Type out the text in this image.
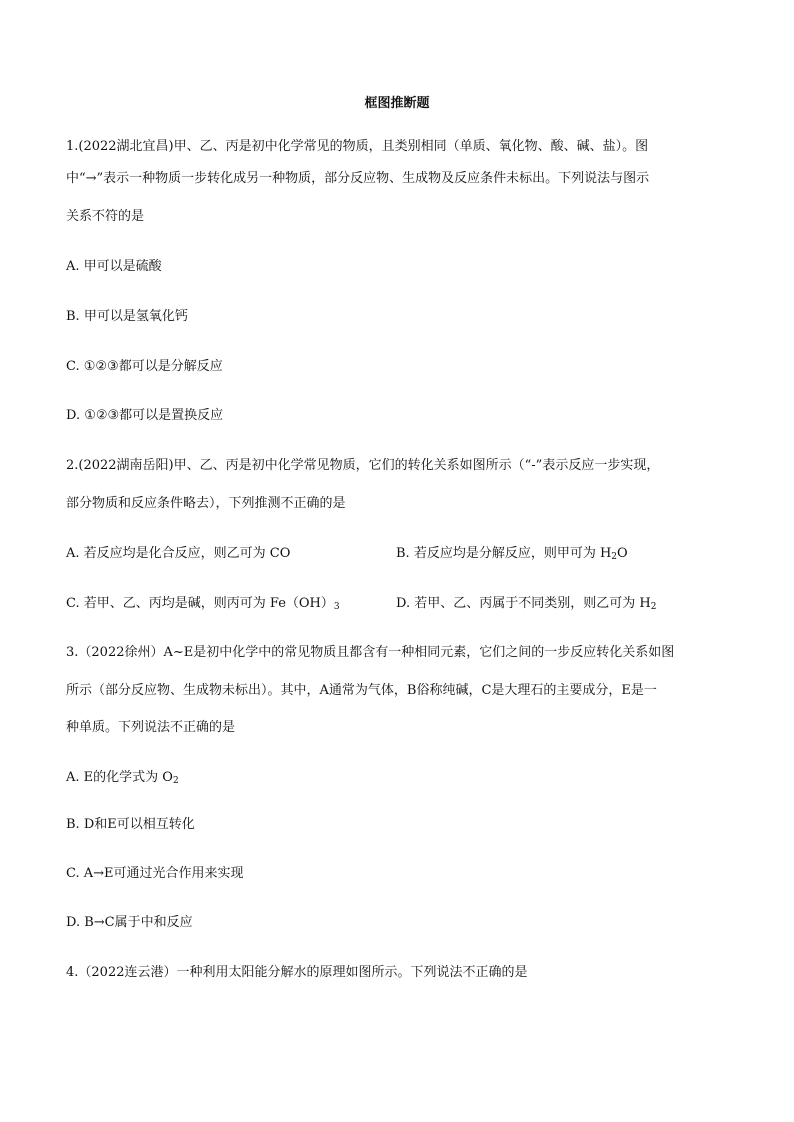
框图推断题
1.(2022湖北宜昌)甲、乙、丙是初中化学常见的物质，且类别相同（单质、氧化物、酸、碱、盐）。图
中“→”表示一种物质一步转化成另一种物质，部分反应物、生成物及反应条件未标出。下列说法与图示
关系不符的是
A. 甲可以是硫酸
B. 甲可以是氢氧化钙
C. ①②③都可以是分解反应
D. ①②③都可以是置换反应
2.(2022湖南岳阳)甲、乙、丙是初中化学常见物质，它们的转化关系如图所示（“-”表示反应一步实现，
部分物质和反应条件略去），下列推测不正确的是
A. 若反应均是化合反应，则乙可为 CO	B. 若反应均是分解反应，则甲可为 $H_2O$
C. 若甲、乙、丙均是碱，则丙可为 $Fe(OH)_3$	D. 若甲、乙、丙属于不同类别，则乙可为 $H_2$
3.（2022徐州）A~E是初中化学中的常见物质且都含有一种相同元素，它们之间的一步反应转化关系如图
所示（部分反应物、生成物未标出）。其中，A通常为气体，B俗称纯碱，C是大理石的主要成分，E是一
种单质。下列说法不正确的是
A. E的化学式为 $O_2$
B. D和E可以相互转化
C. A→E可通过光合作用来实现
D. B→C属于中和反应
4.（2022连云港）一种利用太阳能分解水的原理如图所示。下列说法不正确的是
